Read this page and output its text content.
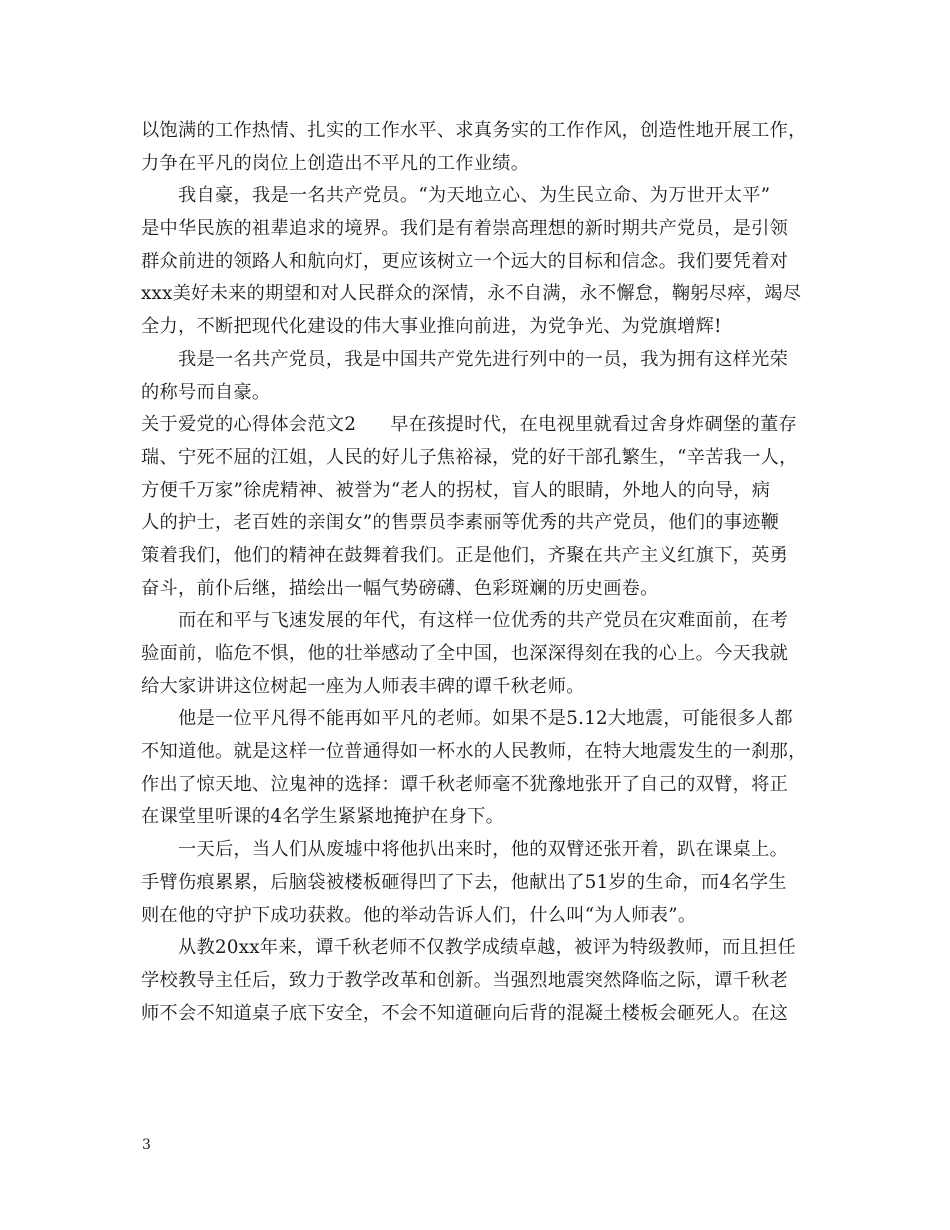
以饱满的工作热情、扎实的工作水平、求真务实的工作作风，创造性地开展工作，
力争在平凡的岗位上创造出不平凡的工作业绩。
我自豪，我是一名共产党员。“为天地立心、为生民立命、为万世开太平”
是中华民族的祖辈追求的境界。我们是有着崇高理想的新时期共产党员，是引领
群众前进的领路人和航向灯，更应该树立一个远大的目标和信念。我们要凭着对
xxx美好未来的期望和对人民群众的深情，永不自满，永不懈怠，鞠躬尽瘁，竭尽
全力，不断把现代化建设的伟大事业推向前进，为党争光、为党旗增辉!
我是一名共产党员，我是中国共产党先进行列中的一员，我为拥有这样光荣
的称号而自豪。
关于爱党的心得体会范文2 早在孩提时代，在电视里就看过舍身炸碉堡的董存
瑞、宁死不屈的江姐，人民的好儿子焦裕禄，党的好干部孔繁生，“辛苦我一人，
方便千万家”徐虎精神、被誉为“老人的拐杖，盲人的眼睛，外地人的向导，病
人的护士，老百姓的亲闺女”的售票员李素丽等优秀的共产党员，他们的事迹鞭
策着我们，他们的精神在鼓舞着我们。正是他们，齐聚在共产主义红旗下，英勇
奋斗，前仆后继，描绘出一幅气势磅礴、色彩斑斓的历史画卷。
而在和平与飞速发展的年代，有这样一位优秀的共产党员在灾难面前，在考
验面前，临危不惧，他的壮举感动了全中国，也深深得刻在我的心上。今天我就
给大家讲讲这位树起一座为人师表丰碑的谭千秋老师。
他是一位平凡得不能再如平凡的老师。如果不是5.12大地震，可能很多人都
不知道他。就是这样一位普通得如一杯水的人民教师，在特大地震发生的一刹那，
作出了惊天地、泣鬼神的选择：谭千秋老师毫不犹豫地张开了自己的双臂，将正
在课堂里听课的4名学生紧紧地掩护在身下。
一天后，当人们从废墟中将他扒出来时，他的双臂还张开着，趴在课桌上。
手臂伤痕累累，后脑袋被楼板砸得凹了下去，他献出了51岁的生命，而4名学生
则在他的守护下成功获救。他的举动告诉人们，什么叫“为人师表”。
从教20xx年来，谭千秋老师不仅教学成绩卓越，被评为特级教师，而且担任
学校教导主任后，致力于教学改革和创新。当强烈地震突然降临之际，谭千秋老
师不会不知道桌子底下安全，不会不知道砸向后背的混凝土楼板会砸死人。在这
3
